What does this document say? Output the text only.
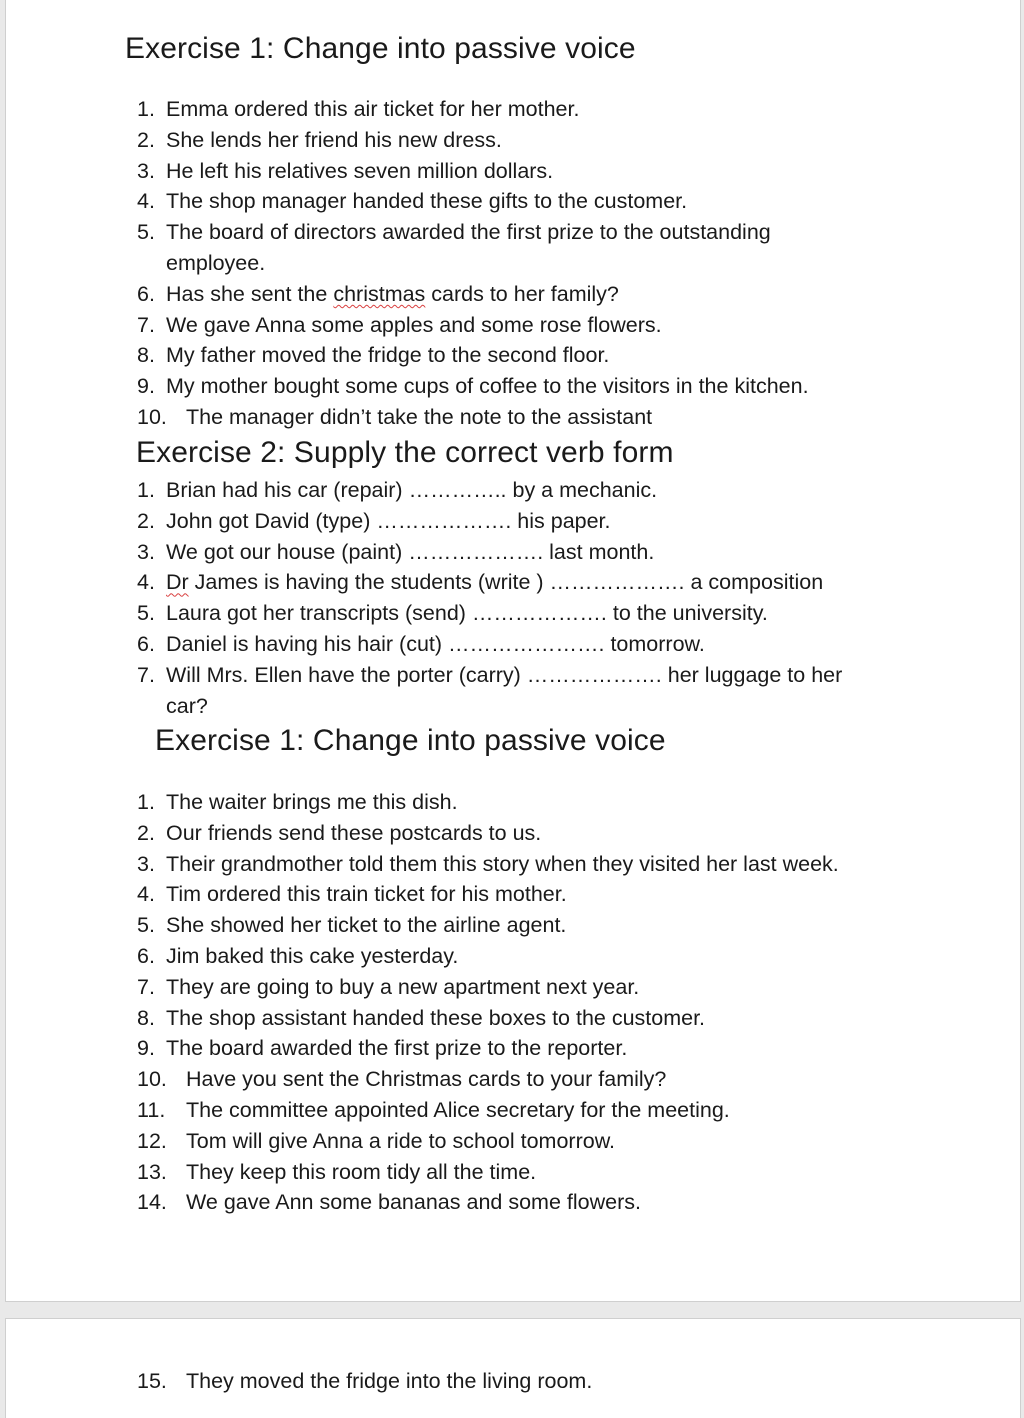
Exercise 1: Change into passive voice
1. Emma ordered this air ticket for her mother.
2. She lends her friend his new dress.
3. He left his relatives seven million dollars.
4. The shop manager handed these gifts to the customer.
5. The board of directors awarded the first prize to the outstanding employee.
6. Has she sent the christmas cards to her family?
7. We gave Anna some apples and some rose flowers.
8. My father moved the fridge to the second floor.
9. My mother bought some cups of coffee to the visitors in the kitchen.
10. The manager didn’t take the note to the assistant
Exercise 2: Supply the correct verb form
1. Brian had his car (repair) ………….. by a mechanic.
2. John got David (type) ………………. his paper.
3. We got our house (paint) ………………. last month.
4. Dr James is having the students (write ) ………………. a composition
5. Laura got her transcripts (send) ………………. to the university.
6. Daniel is having his hair (cut) …………………. tomorrow.
7. Will Mrs. Ellen have the porter (carry) ………………. her luggage to her car?
Exercise 1: Change into passive voice
1. The waiter brings me this dish.
2. Our friends send these postcards to us.
3. Their grandmother told them this story when they visited her last week.
4. Tim ordered this train ticket for his mother.
5. She showed her ticket to the airline agent.
6. Jim baked this cake yesterday.
7. They are going to buy a new apartment next year.
8. The shop assistant handed these boxes to the customer.
9. The board awarded the first prize to the reporter.
10. Have you sent the Christmas cards to your family?
11. The committee appointed Alice secretary for the meeting.
12. Tom will give Anna a ride to school tomorrow.
13. They keep this room tidy all the time.
14. We gave Ann some bananas and some flowers.
15. They moved the fridge into the living room.
